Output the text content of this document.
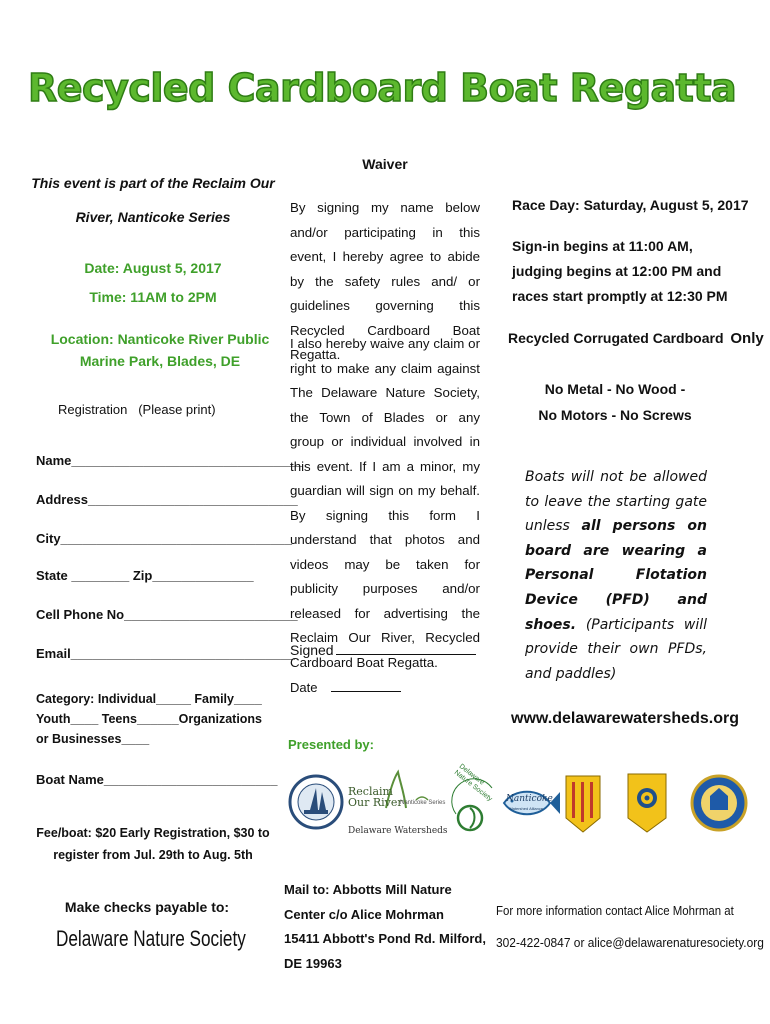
Recycled Cardboard Boat Regatta
This event is part of the Reclaim Our
River, Nanticoke Series
Date: August 5, 2017
Time: 11AM to 2PM
Location: Nanticoke River Public
Marine Park, Blades, DE
Registration (Please print)
Name________________________________
Address_____________________________
City________________________________
State ________ Zip______________
Cell Phone No________________________
Email_______________________________
Category: Individual_____ Family____
Youth____ Teens______Organizations
or Businesses____
Boat Name________________________
Fee/boat: $20 Early Registration, $30 to
register from Jul. 29th to Aug. 5th
Make checks payable to:
Delaware Nature Society
Waiver
By signing my name below and/or participating in this event, I hereby agree to abide by the safety rules and/ or guidelines governing this Recycled Cardboard Boat Regatta.
I also hereby waive any claim or right to make any claim against The Delaware Nature Society, the Town of Blades or any group or individual involved in this event. If I am a minor, my guardian will sign on my behalf. By signing this form I understand that photos and videos may be taken for publicity purposes and/or released for advertising the Reclaim Our River, Recycled Cardboard Boat Regatta.
Signed
Date
Presented by:
Mail to: Abbotts Mill Nature
Center c/o Alice Mohrman
15411 Abbott's Pond Rd. Milford,
DE 19963
Race Day: Saturday, August 5, 2017
Sign-in begins at 11:00 AM, judging begins at 12:00 PM and races start promptly at 12:30 PM
Recycled Corrugated Cardboard Only
No Metal - No Wood -
No Motors - No Screws
Boats will not be allowed to leave the starting gate unless all persons on board are wearing a Personal Flotation Device (PFD) and shoes. (Participants will provide their own PFDs, and paddles)
www.delawarewatersheds.org
For more information contact Alice Mohrman at
302-422-0847 or alice@delawarenaturesociety.org
Reclaim Our River
Nanticoke Series
Delaware Watersheds
Delaware Nature Society	Nanticoke
Watershed Alliance
